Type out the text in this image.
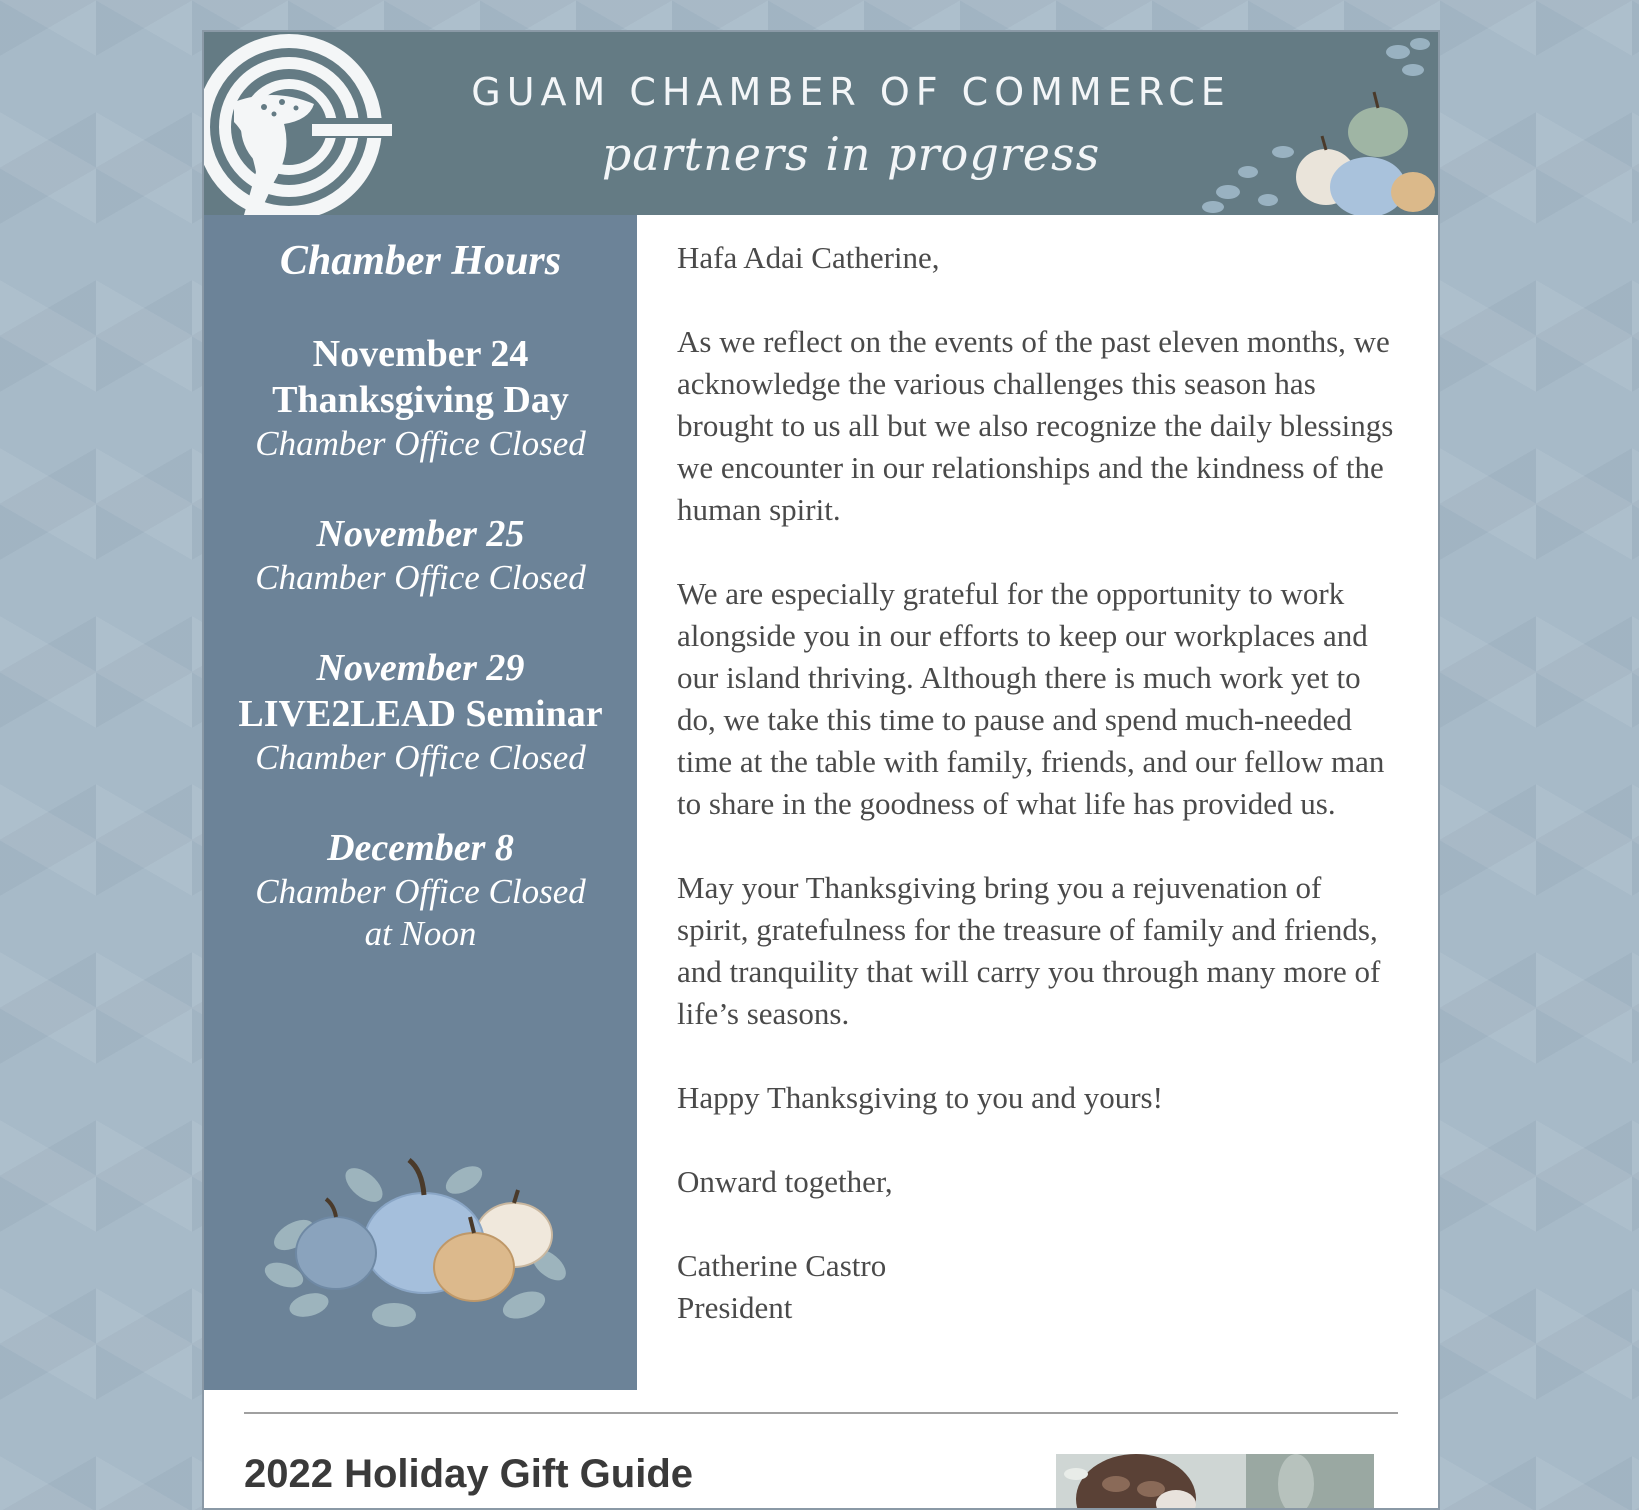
GUAM CHAMBER OF COMMERCE
partners in progress
Chamber Hours
November 24
Thanksgiving Day
Chamber Office Closed
November 25
Chamber Office Closed
November 29
LIVE2LEAD Seminar
Chamber Office Closed
December 8
Chamber Office Closed
at Noon

Hafa Adai Catherine,

As we reflect on the events of the past eleven months, we acknowledge the various challenges this season has brought to us all but we also recognize the daily blessings we encounter in our relationships and the kindness of the human spirit.

We are especially grateful for the opportunity to work alongside you in our efforts to keep our workplaces and our island thriving. Although there is much work yet to do, we take this time to pause and spend much-needed time at the table with family, friends, and our fellow man to share in the goodness of what life has provided us.

May your Thanksgiving bring you a rejuvenation of spirit, gratefulness for the treasure of family and friends, and tranquility that will carry you through many more of life’s seasons.

Happy Thanksgiving to you and yours!

Onward together,

Catherine Castro

President

2022 Holiday Gift Guide
